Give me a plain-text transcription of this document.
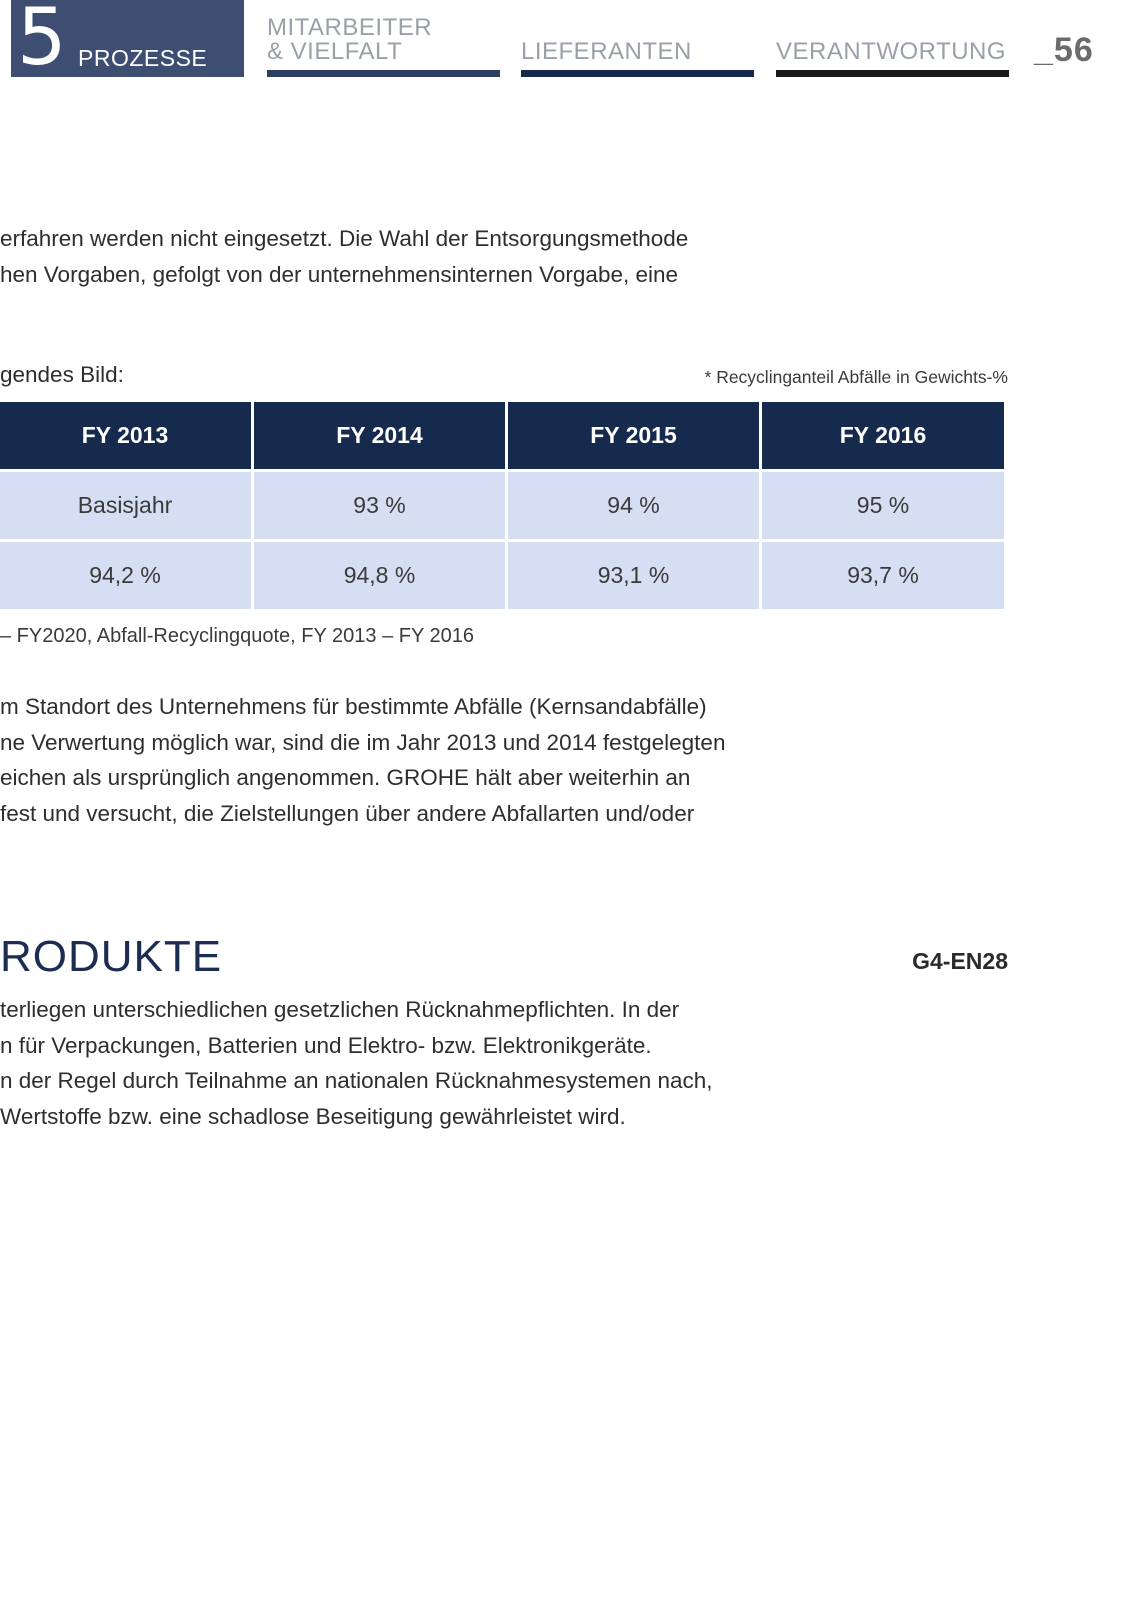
5 PROZESSE
MITARBEITER
& VIELFALT	LIEFERANTEN	VERANTWORTUNG _56

erfahren werden nicht eingesetzt. Die Wahl der Entsorgungsmethode
hen Vorgaben, gefolgt von der unternehmensinternen Vorgabe, eine

gendes Bild:	* Recyclinganteil Abfälle in Gewichts-%
FY 2013	FY 2014	FY 2015	FY 2016
Basisjahr	93 %	94 %	95 %
94,2 %	94,8 %	93,1 %	93,7 %
– FY2020, Abfall-Recyclingquote, FY 2013 – FY 2016

m Standort des Unternehmens für bestimmte Abfälle (Kernsandabfälle)
ne Verwertung möglich war, sind die im Jahr 2013 und 2014 festgelegten
eichen als ursprünglich angenommen. GROHE hält aber weiterhin an
fest und versucht, die Zielstellungen über andere Abfallarten und/oder

RODUKTE	G4-EN28

terliegen unterschiedlichen gesetzlichen Rücknahmepflichten. In der
n für Verpackungen, Batterien und Elektro- bzw. Elektronikgeräte.
n der Regel durch Teilnahme an nationalen Rücknahmesystemen nach,
Wertstoffe bzw. eine schadlose Beseitigung gewährleistet wird.
